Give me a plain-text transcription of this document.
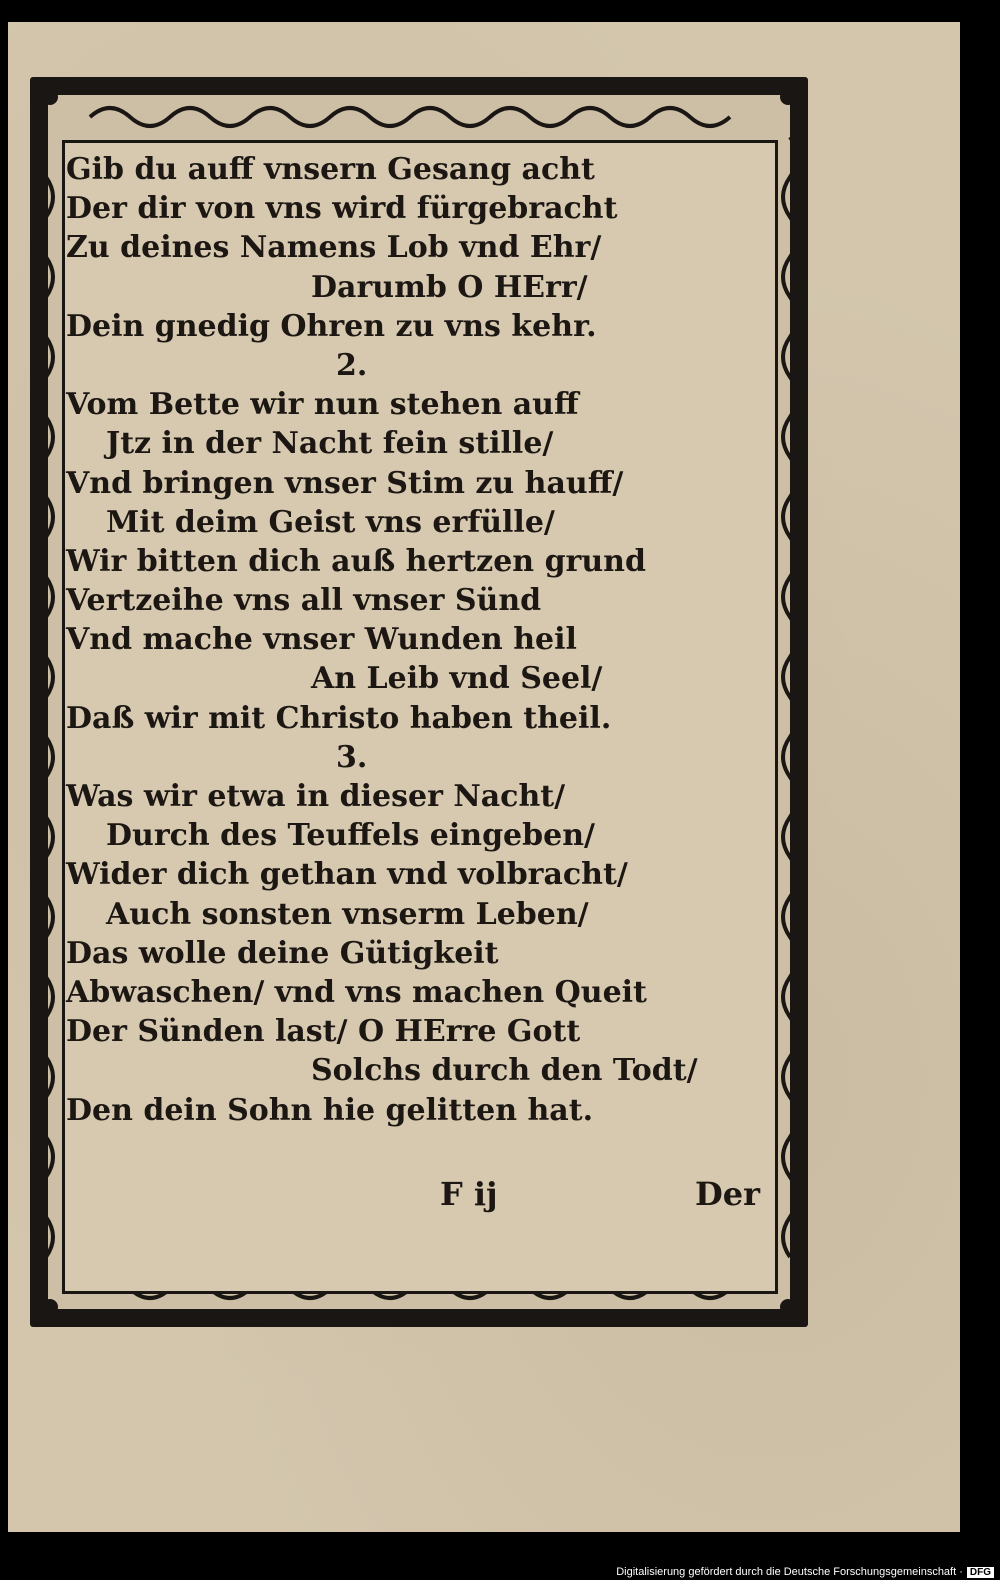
Gib du auff vnsern Gesang acht
Der dir von vns wird fürgebracht
Zu deines Namens Lob vnd Ehr/
Darumb O HErr/
Dein gnedig Ohren zu vns kehr.
2.
Vom Bette wir nun stehen auff
Jtz in der Nacht fein stille/
Vnd bringen vnser Stim zu hauff/
Mit deim Geist vns erfülle/
Wir bitten dich auß hertzen grund
Vertzeihe vns all vnser Sünd
Vnd mache vnser Wunden heil
An Leib vnd Seel/
Daß wir mit Christo haben theil.
3.
Was wir etwa in dieser Nacht/
Durch des Teuffels eingeben/
Wider dich gethan vnd volbracht/
Auch sonsten vnserm Leben/
Das wolle deine Gütigkeit
Abwaschen/ vnd vns machen Queit
Der Sünden last/ O HErre Gott
Solchs durch den Todt/
Den dein Sohn hie gelitten hat.
F ij	Der
Digitalisierung gefördert durch die Deutsche Forschungsgemeinschaft · DFG
